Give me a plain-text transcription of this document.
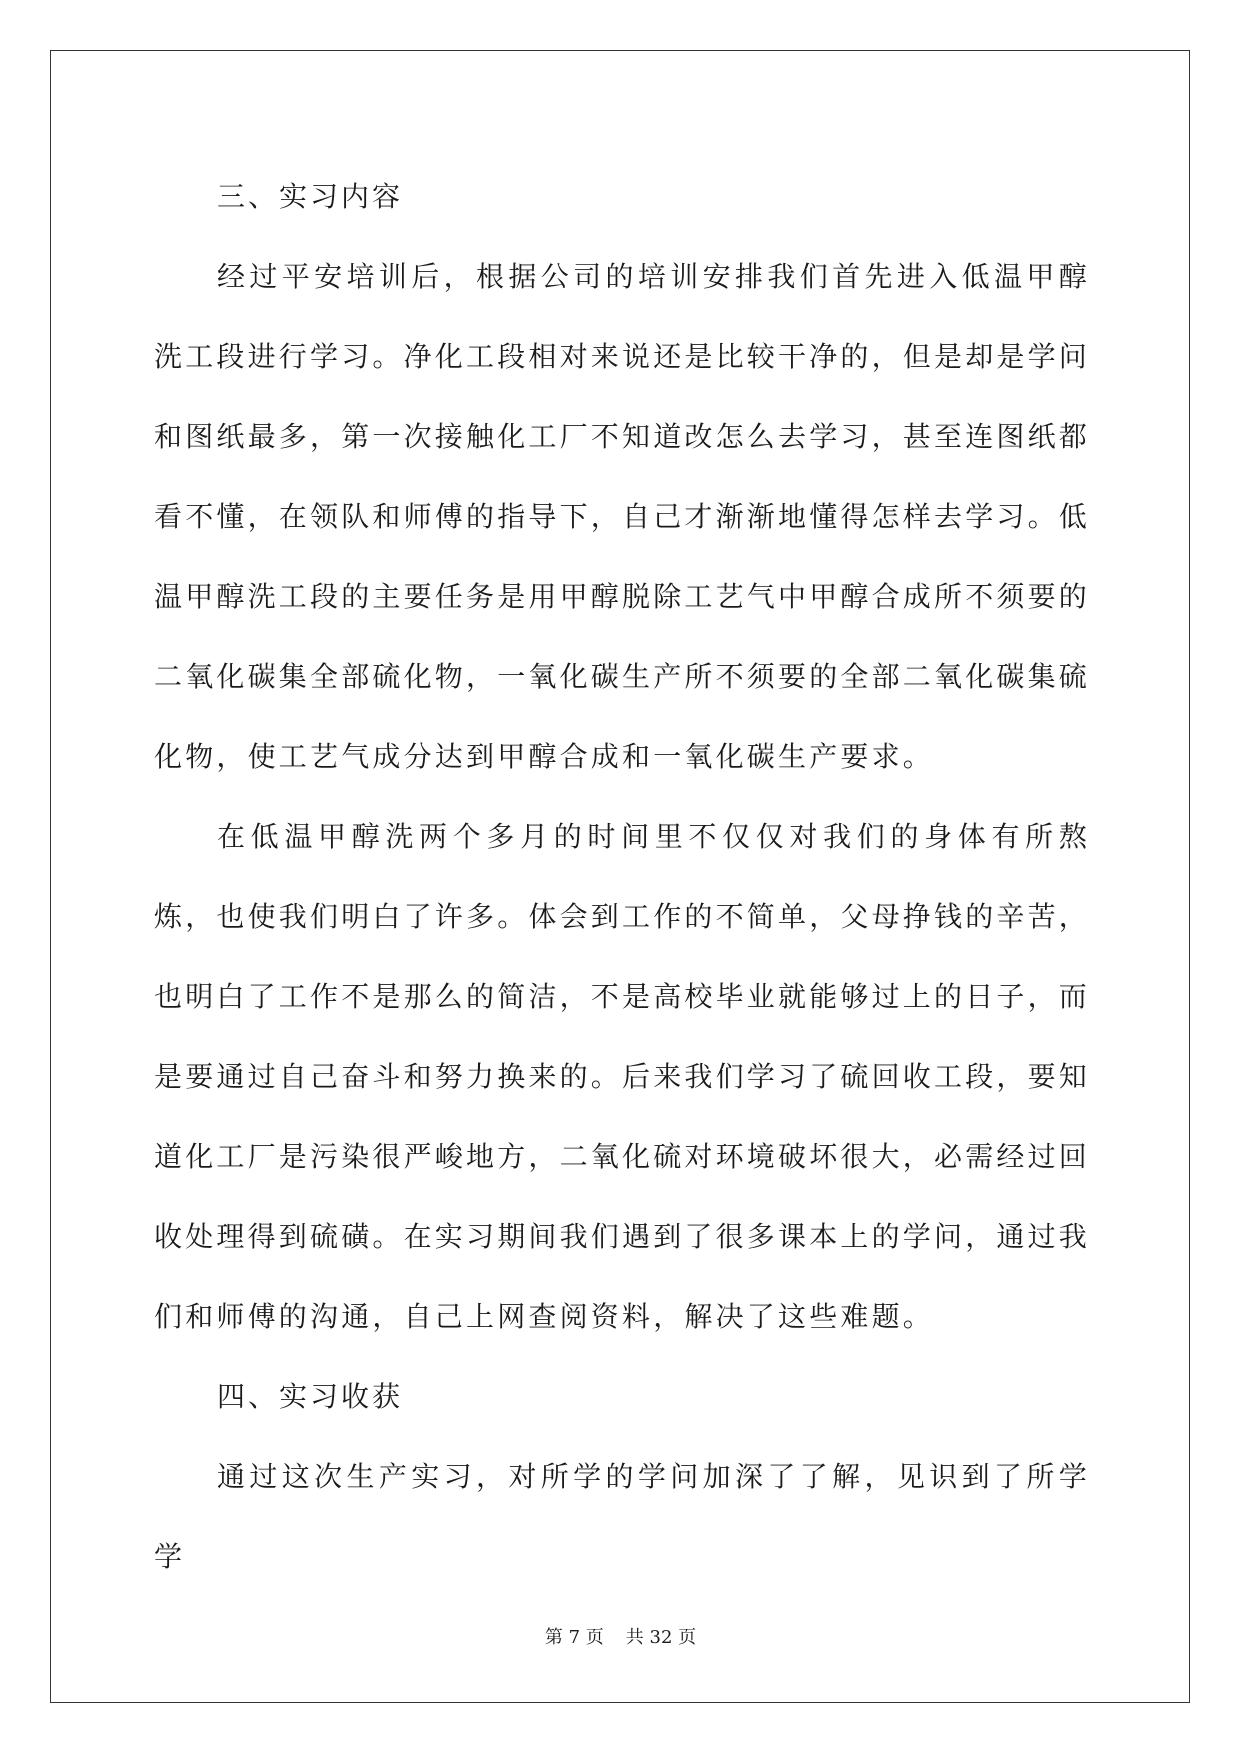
三、实习内容

经过平安培训后，根据公司的培训安排我们首先进入低温甲醇洗工段进行学习。净化工段相对来说还是比较干净的，但是却是学问和图纸最多，第一次接触化工厂不知道改怎么去学习，甚至连图纸都看不懂，在领队和师傅的指导下，自己才渐渐地懂得怎样去学习。低温甲醇洗工段的主要任务是用甲醇脱除工艺气中甲醇合成所不须要的二氧化碳集全部硫化物，一氧化碳生产所不须要的全部二氧化碳集硫化物，使工艺气成分达到甲醇合成和一氧化碳生产要求。

在低温甲醇洗两个多月的时间里不仅仅对我们的身体有所熬炼，也使我们明白了许多。体会到工作的不简单，父母挣钱的辛苦，也明白了工作不是那么的简洁，不是高校毕业就能够过上的日子，而是要通过自己奋斗和努力换来的。后来我们学习了硫回收工段，要知道化工厂是污染很严峻地方，二氧化硫对环境破坏很大，必需经过回收处理得到硫磺。在实习期间我们遇到了很多课本上的学问，通过我们和师傅的沟通，自己上网查阅资料，解决了这些难题。

四、实习收获

通过这次生产实习，对所学的学问加深了了解，见识到了所学学

第 7 页 共 32 页
